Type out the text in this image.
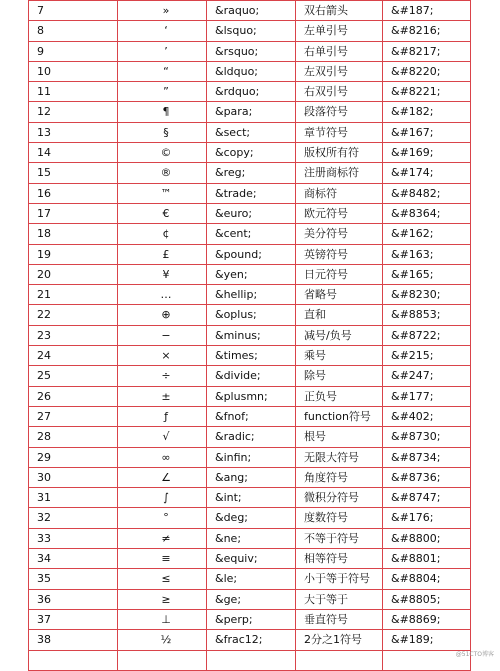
7	»	&raquo;	双右箭头	&#187;
8	‘	&lsquo;	左单引号	&#8216;
9	’	&rsquo;	右单引号	&#8217;
10	“	&ldquo;	左双引号	&#8220;
11	”	&rdquo;	右双引号	&#8221;
12	¶	&para;	段落符号	&#182;
13	§	&sect;	章节符号	&#167;
14	©	&copy;	版权所有符	&#169;
15	®	&reg;	注册商标符	&#174;
16	™	&trade;	商标符	&#8482;
17	€	&euro;	欧元符号	&#8364;
18	¢	&cent;	美分符号	&#162;
19	£	&pound;	英镑符号	&#163;
20	¥	&yen;	日元符号	&#165;
21	…	&hellip;	省略号	&#8230;
22	⊕	&oplus;	直和	&#8853;
23	−	&minus;	减号/负号	&#8722;
24	×	&times;	乘号	&#215;
25	÷	&divide;	除号	&#247;
26	±	&plusmn;	正负号	&#177;
27	ƒ	&fnof;	function符号	&#402;
28	√	&radic;	根号	&#8730;
29	∞	&infin;	无限大符号	&#8734;
30	∠	&ang;	角度符号	&#8736;
31	∫	&int;	微积分符号	&#8747;
32	°	&deg;	度数符号	&#176;
33	≠	&ne;	不等于符号	&#8800;
34	≡	&equiv;	相等符号	&#8801;
35	≤	&le;	小于等于符号	&#8804;
36	≥	&ge;	大于等于	&#8805;
37	⊥	&perp;	垂直符号	&#8869;
38	½	&frac12;	2分之1符号	&#189;

@51CTO博客
